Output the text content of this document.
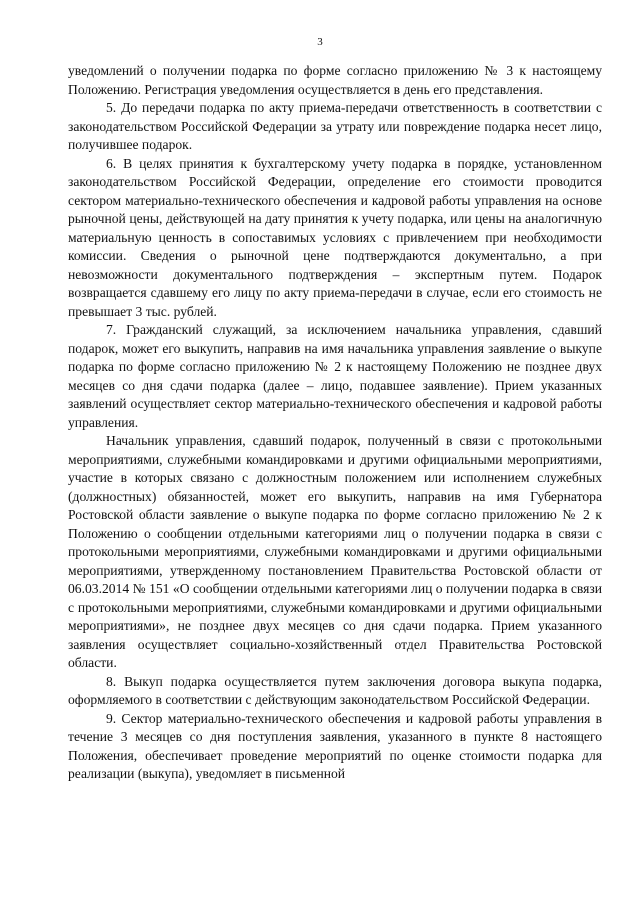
3

уведомлений о получении подарка по форме согласно приложению № 3 к настоящему Положению. Регистрация уведомления осуществляется в день его представления.

5. До передачи подарка по акту приема-передачи ответственность в соответствии с законодательством Российской Федерации за утрату или повреждение подарка несет лицо, получившее подарок.

6. В целях принятия к бухгалтерскому учету подарка в порядке, установленном законодательством Российской Федерации, определение его стоимости проводится сектором материально-технического обеспечения и кадровой работы управления на основе рыночной цены, действующей на дату принятия к учету подарка, или цены на аналогичную материальную ценность в сопоставимых условиях с привлечением при необходимости комиссии. Сведения о рыночной цене подтверждаются документально, а при невозможности документального подтверждения – экспертным путем. Подарок возвращается сдавшему его лицу по акту приема-передачи в случае, если его стоимость не превышает 3 тыс. рублей.

7. Гражданский служащий, за исключением начальника управления, сдавший подарок, может его выкупить, направив на имя начальника управления заявление о выкупе подарка по форме согласно приложению № 2 к настоящему Положению не позднее двух месяцев со дня сдачи подарка (далее – лицо, подавшее заявление). Прием указанных заявлений осуществляет сектор материально-технического обеспечения и кадровой работы управления.

Начальник управления, сдавший подарок, полученный в связи с протокольными мероприятиями, служебными командировками и другими официальными мероприятиями, участие в которых связано с должностным положением или исполнением служебных (должностных) обязанностей, может его выкупить, направив на имя Губернатора Ростовской области заявление о выкупе подарка по форме согласно приложению № 2 к Положению о сообщении отдельными категориями лиц о получении подарка в связи с протокольными мероприятиями, служебными командировками и другими официальными мероприятиями, утвержденному постановлением Правительства Ростовской области от 06.03.2014 № 151 «О сообщении отдельными категориями лиц о получении подарка в связи с протокольными мероприятиями, служебными командировками и другими официальными мероприятиями», не позднее двух месяцев со дня сдачи подарка. Прием указанного заявления осуществляет социально-хозяйственный отдел Правительства Ростовской области.

8. Выкуп подарка осуществляется путем заключения договора выкупа подарка, оформляемого в соответствии с действующим законодательством Российской Федерации.

9. Сектор материально-технического обеспечения и кадровой работы управления в течение 3 месяцев со дня поступления заявления, указанного в пункте 8 настоящего Положения, обеспечивает проведение мероприятий по оценке стоимости подарка для реализации (выкупа), уведомляет в письменной
